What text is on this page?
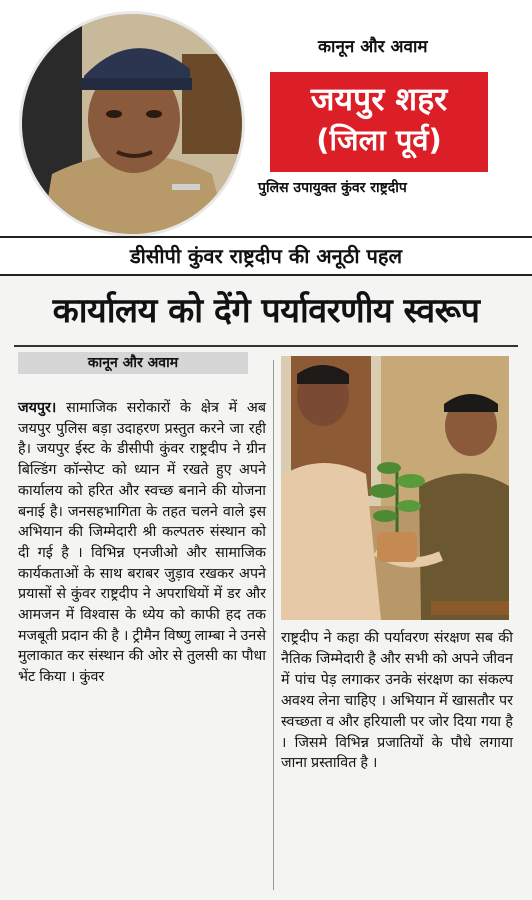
कानून और अवाम
जयपुर शहर
(जिला पूर्व)
पुलिस उपायुक्त कुंवर राष्ट्रदीप
डीसीपी कुंवर राष्ट्रदीप की अनूठी पहल
कार्यालय को देंगे पर्यावरणीय स्वरूप
कानून और अवाम
जयपुर। सामाजिक सरोकारों के क्षेत्र में अब जयपुर पुलिस बड़ा उदाहरण प्रस्तुत करने जा रही है। जयपुर ईस्ट के डीसीपी कुंवर राष्ट्रदीप ने ग्रीन बिल्डिंग कॉन्सेप्ट को ध्यान में रखते हुए अपने कार्यालय को हरित और स्वच्छ बनाने की योजना बनाई है। जनसहभागिता के तहत चलने वाले इस अभियान की जिम्मेदारी श्री कल्पतरु संस्थान को दी गई है । विभिन्न एनजीओ और सामाजिक कार्यकताओं के साथ बराबर जुड़ाव रखकर अपने प्रयासों से कुंवर राष्ट्रदीप ने अपराधियों में डर और आमजन में विश्वास के ध्येय को काफी हद तक मजबूती प्रदान की है । ट्रीमैन विष्णु लाम्बा ने उनसे मुलाकात कर संस्थान की ओर से तुलसी का पौधा भेंट किया । कुंवर
राष्ट्रदीप ने कहा की पर्यावरण संरक्षण सब की नैतिक जिम्मेदारी है और सभी को अपने जीवन में पांच पेड़ लगाकर उनके संरक्षण का संकल्प अवश्य लेना चाहिए । अभियान में खासतौर पर स्वच्छता व और हरियाली पर जोर दिया गया है । जिसमे विभिन्न प्रजातियों के पौधे लगाया जाना प्रस्तावित है ।
